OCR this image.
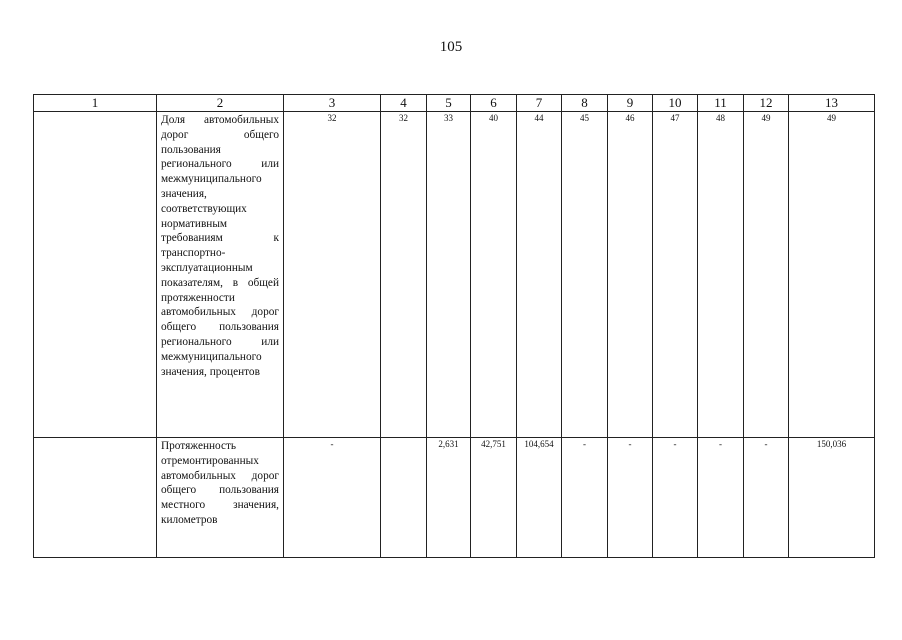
105
1	2	3	4	5	6	7	8	9	10	11	12	13
	Доля автомобильных дорог общего пользования регионального или межмуниципального значения, соответствующих нормативным требованиям к транспортно-эксплуатационным показателям, в общей протяженности автомобильных дорог общего пользования регионального или межмуниципального значения, процентов	32	32	33	40	44	45	46	47	48	49	49
	Протяженность отремонтированных автомобильных дорог общего пользования местного значения, километров	-		2,631	42,751	104,654	-	-	-	-	-	150,036
